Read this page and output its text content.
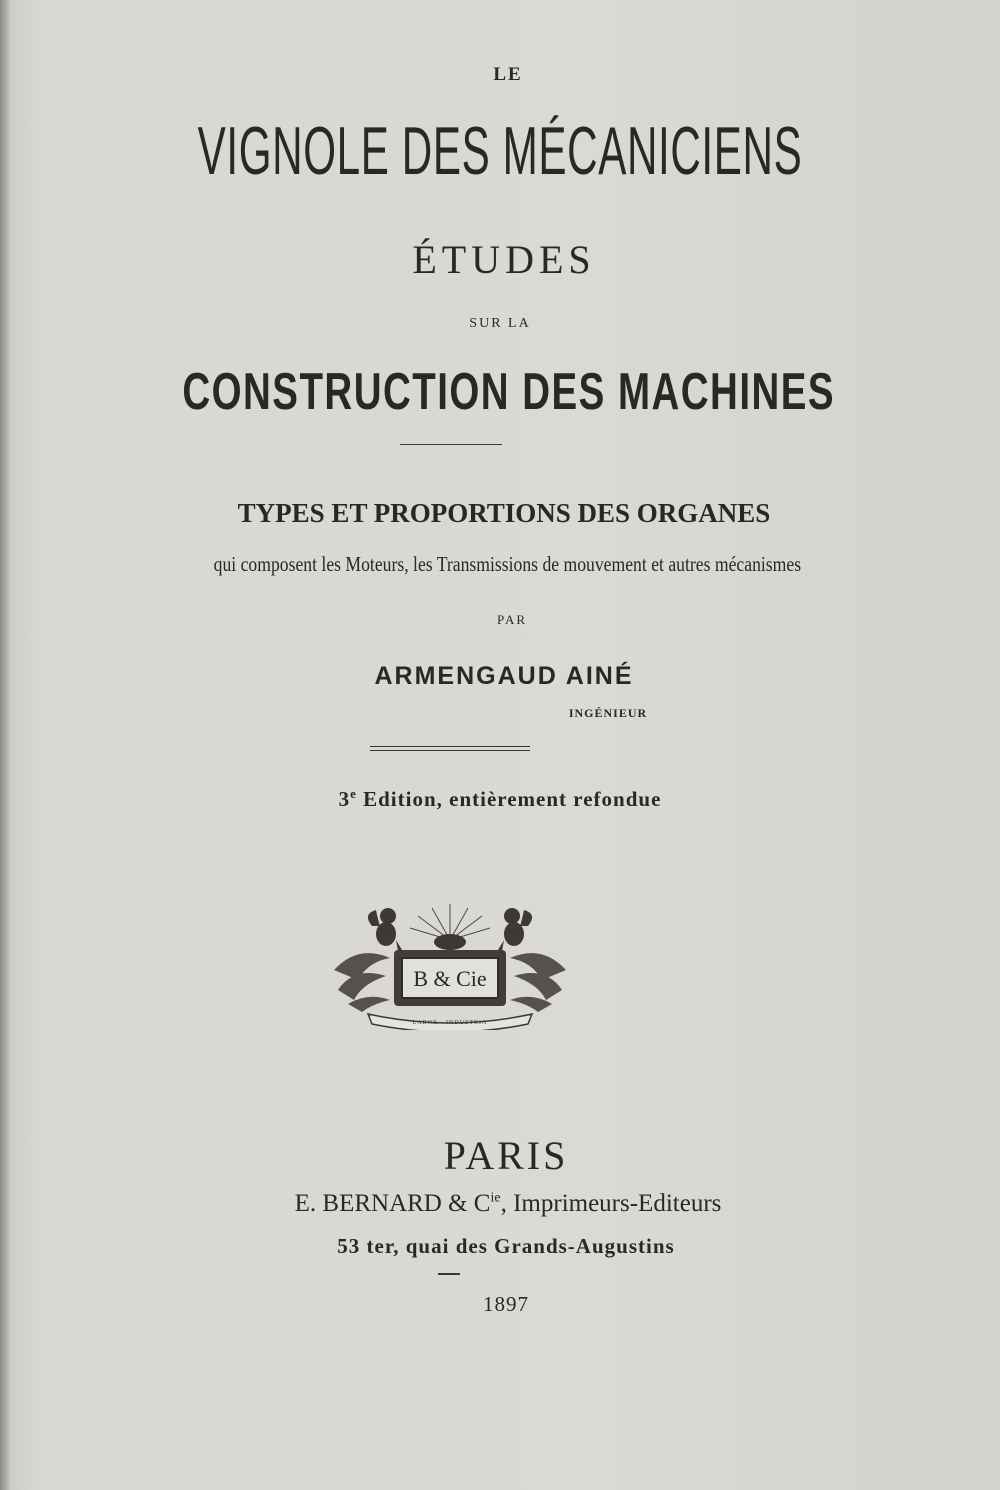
LE
VIGNOLE DES MÉCANICIENS
ÉTUDES
SUR LA
CONSTRUCTION DES MACHINES
TYPES ET PROPORTIONS DES ORGANES
qui composent les Moteurs, les Transmissions de mouvement et autres mécanismes
PAR
ARMENGAUD AINÉ
INGÉNIEUR
3e Edition, entièrement refondue
B & Cie
LABOR · INDUSTRIA
PARIS
E. BERNARD & $C^{ie}$, Imprimeurs-Editeurs
53 ter, quai des Grands-Augustins
1897
